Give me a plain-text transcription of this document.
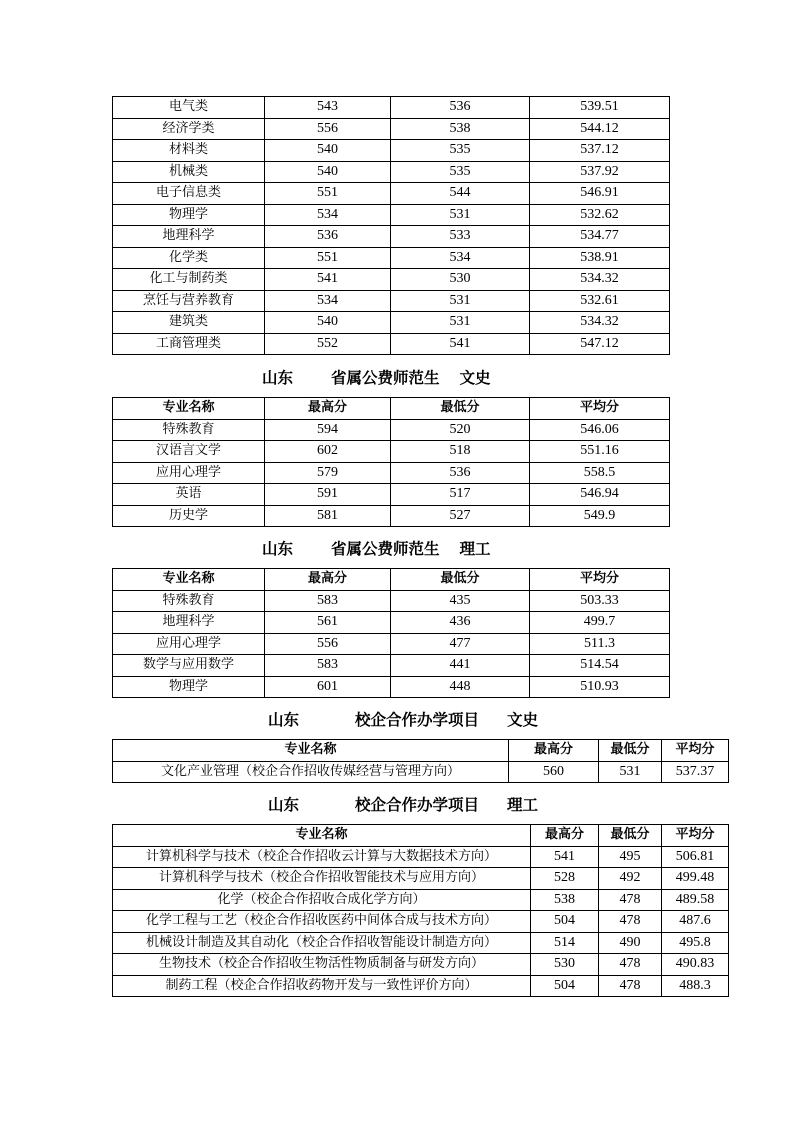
电气类	543	536	539.51
经济学类	556	538	544.12
材料类	540	535	537.12
机械类	540	535	537.92
电子信息类	551	544	546.91
物理学	534	531	532.62
地理科学	536	533	534.77
化学类	551	534	538.91
化工与制药类	541	530	534.32
烹饪与营养教育	534	531	532.61
建筑类	540	531	534.32
工商管理类	552	541	547.12
山东 省属公费师范生 文史
专业名称	最高分	最低分	平均分
特殊教育	594	520	546.06
汉语言文学	602	518	551.16
应用心理学	579	536	558.5
英语	591	517	546.94
历史学	581	527	549.9
山东 省属公费师范生 理工
专业名称	最高分	最低分	平均分
特殊教育	583	435	503.33
地理科学	561	436	499.7
应用心理学	556	477	511.3
数学与应用数学	583	441	514.54
物理学	601	448	510.93
山东	校企合作办学项目 文史
专业名称	最高分	最低分	平均分
文化产业管理（校企合作招收传媒经营与管理方向）	560	531	537.37
山东	校企合作办学项目 理工
专业名称	最高分	最低分	平均分
计算机科学与技术（校企合作招收云计算与大数据技术方向）	541	495	506.81
计算机科学与技术（校企合作招收智能技术与应用方向）	528	492	499.48
化学（校企合作招收合成化学方向）	538	478	489.58
化学工程与工艺（校企合作招收医药中间体合成与技术方向）	504	478	487.6
机械设计制造及其自动化（校企合作招收智能设计制造方向）	514	490	495.8
生物技术（校企合作招收生物活性物质制备与研发方向）	530	478	490.83
制药工程（校企合作招收药物开发与一致性评价方向）	504	478	488.3
